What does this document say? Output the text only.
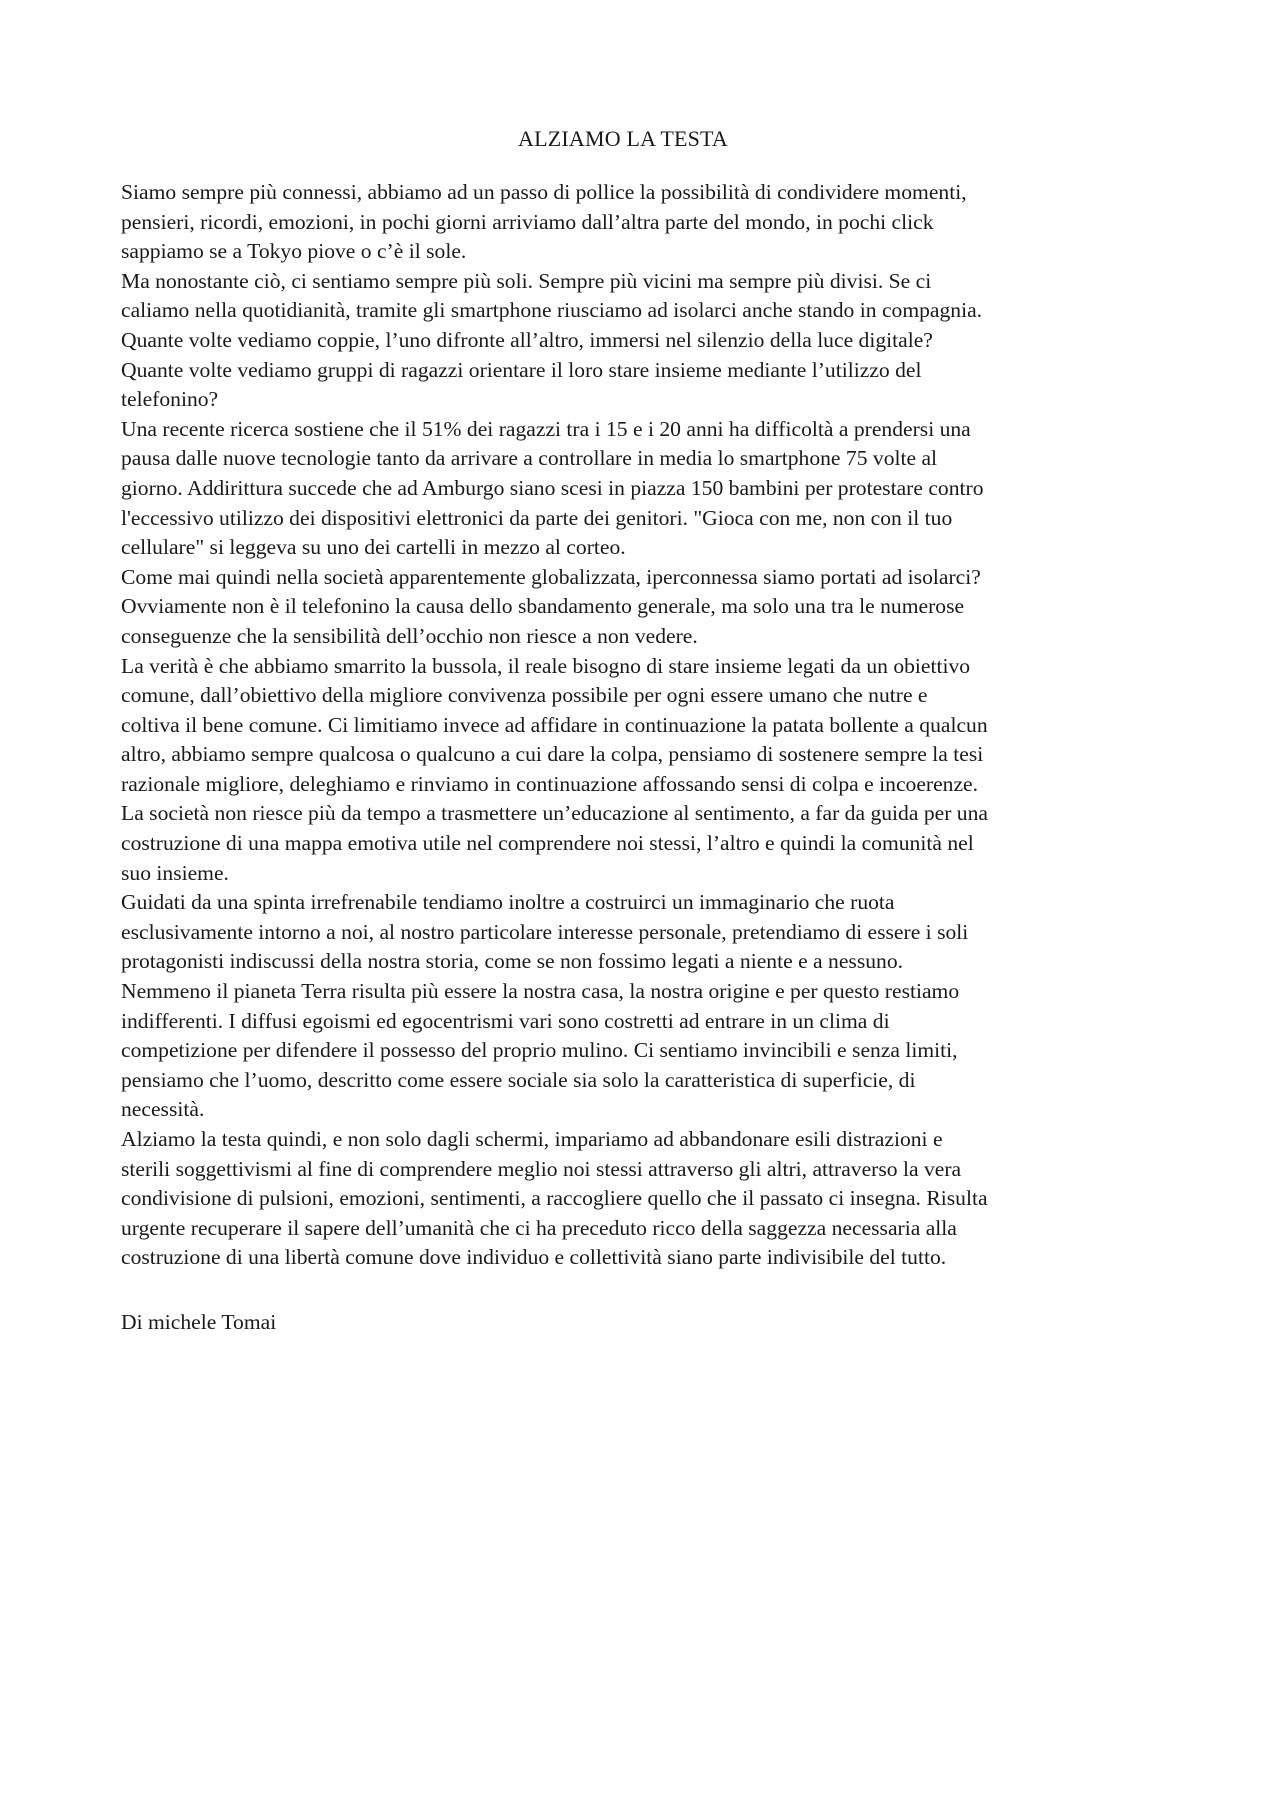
ALZIAMO LA TESTA
Siamo sempre più connessi, abbiamo ad un passo di pollice la possibilità di condividere momenti,
pensieri, ricordi, emozioni, in pochi giorni arriviamo dall’altra parte del mondo, in pochi click
sappiamo se a Tokyo piove o c’è il sole.
Ma nonostante ciò, ci sentiamo sempre più soli. Sempre più vicini ma sempre più divisi. Se ci
caliamo nella quotidianità, tramite gli smartphone riusciamo ad isolarci anche stando in compagnia.
Quante volte vediamo coppie, l’uno difronte all’altro, immersi nel silenzio della luce digitale?
Quante volte vediamo gruppi di ragazzi orientare il loro stare insieme mediante l’utilizzo del
telefonino?
Una recente ricerca sostiene che il 51% dei ragazzi tra i 15 e i 20 anni ha difficoltà a prendersi una
pausa dalle nuove tecnologie tanto da arrivare a controllare in media lo smartphone 75 volte al
giorno. Addirittura succede che ad Amburgo siano scesi in piazza 150 bambini per protestare contro
l'eccessivo utilizzo dei dispositivi elettronici da parte dei genitori. "Gioca con me, non con il tuo
cellulare" si leggeva su uno dei cartelli in mezzo al corteo.
Come mai quindi nella società apparentemente globalizzata, iperconnessa siamo portati ad isolarci?
Ovviamente non è il telefonino la causa dello sbandamento generale, ma solo una tra le numerose
conseguenze che la sensibilità dell’occhio non riesce a non vedere.
La verità è che abbiamo smarrito la bussola, il reale bisogno di stare insieme legati da un obiettivo
comune, dall’obiettivo della migliore convivenza possibile per ogni essere umano che nutre e
coltiva il bene comune. Ci limitiamo invece ad affidare in continuazione la patata bollente a qualcun
altro, abbiamo sempre qualcosa o qualcuno a cui dare la colpa, pensiamo di sostenere sempre la tesi
razionale migliore, deleghiamo e rinviamo in continuazione affossando sensi di colpa e incoerenze.
La società non riesce più da tempo a trasmettere un’educazione al sentimento, a far da guida per una
costruzione di una mappa emotiva utile nel comprendere noi stessi, l’altro e quindi la comunità nel
suo insieme.
Guidati da una spinta irrefrenabile tendiamo inoltre a costruirci un immaginario che ruota
esclusivamente intorno a noi, al nostro particolare interesse personale, pretendiamo di essere i soli
protagonisti indiscussi della nostra storia, come se non fossimo legati a niente e a nessuno.
Nemmeno il pianeta Terra risulta più essere la nostra casa, la nostra origine e per questo restiamo
indifferenti. I diffusi egoismi ed egocentrismi vari sono costretti ad entrare in un clima di
competizione per difendere il possesso del proprio mulino. Ci sentiamo invincibili e senza limiti,
pensiamo che l’uomo, descritto come essere sociale sia solo la caratteristica di superficie, di
necessità.
Alziamo la testa quindi, e non solo dagli schermi, impariamo ad abbandonare esili distrazioni e
sterili soggettivismi al fine di comprendere meglio noi stessi attraverso gli altri, attraverso la vera
condivisione di pulsioni, emozioni, sentimenti, a raccogliere quello che il passato ci insegna. Risulta
urgente recuperare il sapere dell’umanità che ci ha preceduto ricco della saggezza necessaria alla
costruzione di una libertà comune dove individuo e collettività siano parte indivisibile del tutto.
Di michele Tomai
